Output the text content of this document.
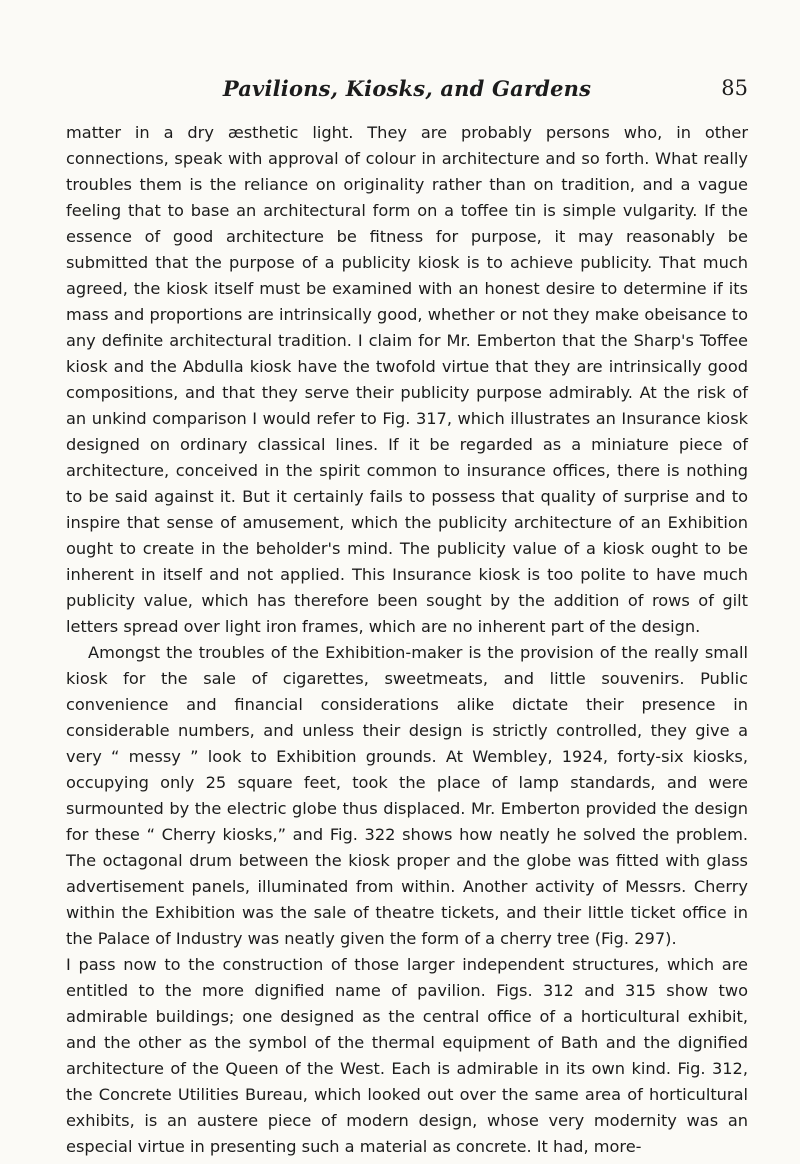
Pavilions, Kiosks, and Gardens	85

matter in a dry æsthetic light. They are probably persons who, in other connections, speak with approval of colour in architecture and so forth. What really troubles them is the reliance on originality rather than on tradition, and a vague feeling that to base an architectural form on a toffee tin is simple vulgarity. If the essence of good architecture be fitness for purpose, it may reasonably be submitted that the purpose of a publicity kiosk is to achieve publicity. That much agreed, the kiosk itself must be examined with an honest desire to determine if its mass and proportions are intrinsically good, whether or not they make obeisance to any definite architectural tradition. I claim for Mr. Emberton that the Sharp's Toffee kiosk and the Abdulla kiosk have the twofold virtue that they are intrinsically good compositions, and that they serve their publicity purpose admirably. At the risk of an unkind comparison I would refer to Fig. 317, which illustrates an Insurance kiosk designed on ordinary classical lines. If it be regarded as a miniature piece of architecture, conceived in the spirit common to insurance offices, there is nothing to be said against it. But it certainly fails to possess that quality of surprise and to inspire that sense of amusement, which the publicity architecture of an Exhibition ought to create in the beholder's mind. The publicity value of a kiosk ought to be inherent in itself and not applied. This Insurance kiosk is too polite to have much publicity value, which has therefore been sought by the addition of rows of gilt letters spread over light iron frames, which are no inherent part of the design.

Amongst the troubles of the Exhibition-maker is the provision of the really small kiosk for the sale of cigarettes, sweetmeats, and little souvenirs. Public convenience and financial considerations alike dictate their presence in considerable numbers, and unless their design is strictly controlled, they give a very “ messy ” look to Exhibition grounds. At Wembley, 1924, forty-six kiosks, occupying only 25 square feet, took the place of lamp standards, and were surmounted by the electric globe thus displaced. Mr. Emberton provided the design for these “ Cherry kiosks,” and Fig. 322 shows how neatly he solved the problem. The octagonal drum between the kiosk proper and the globe was fitted with glass advertisement panels, illuminated from within. Another activity of Messrs. Cherry within the Exhibition was the sale of theatre tickets, and their little ticket office in the Palace of Industry was neatly given the form of a cherry tree (Fig. 297).

I pass now to the construction of those larger independent structures, which are entitled to the more dignified name of pavilion. Figs. 312 and 315 show two admirable buildings; one designed as the central office of a horticultural exhibit, and the other as the symbol of the thermal equipment of Bath and the dignified architecture of the Queen of the West. Each is admirable in its own kind. Fig. 312, the Concrete Utilities Bureau, which looked out over the same area of horticultural exhibits, is an austere piece of modern design, whose very modernity was an especial virtue in presenting such a material as concrete. It had, more-
